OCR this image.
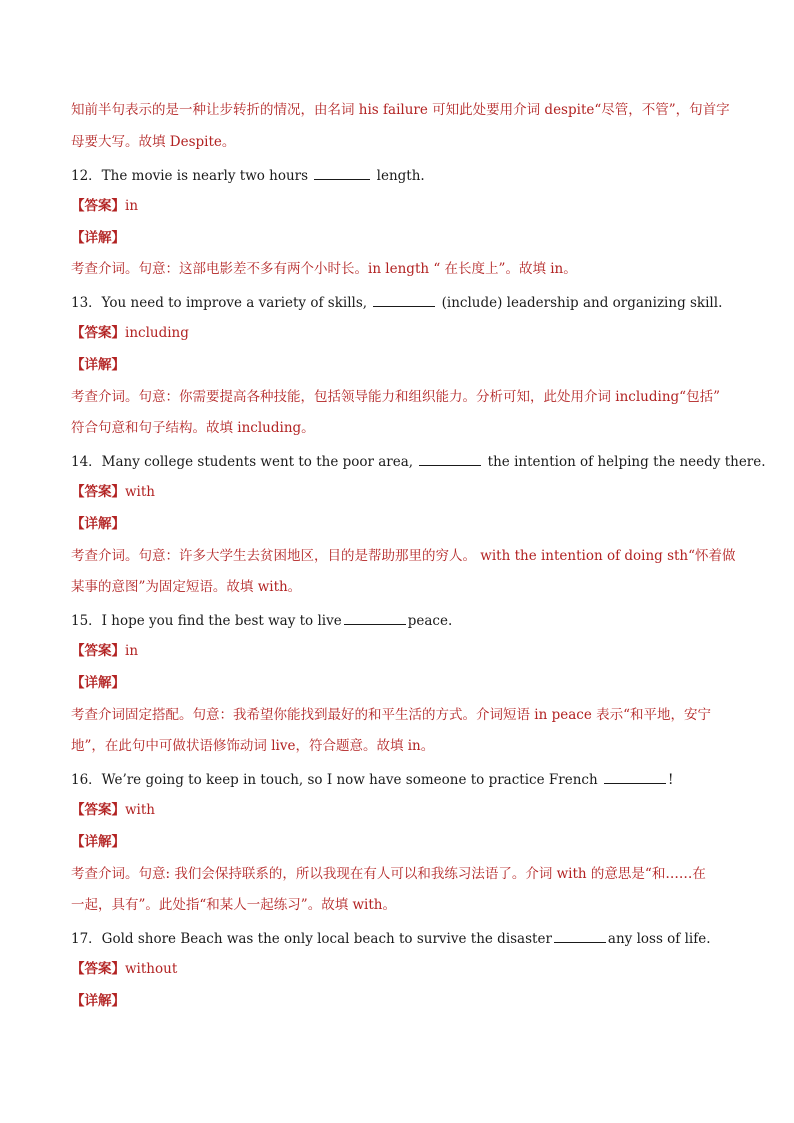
知前半句表示的是一种让步转折的情况，由名词 his failure 可知此处要用介词 despite“尽管，不管”，句首字
母要大写。故填 Despite。
12．The movie is nearly two hours	length.
【答案】in
【详解】
考查介词。句意：这部电影差不多有两个小时长。in length “ 在长度上”。故填 in。
13．You need to improve a variety of skills,	(include) leadership and organizing skill.
【答案】including
【详解】
考查介词。句意：你需要提高各种技能，包括领导能力和组织能力。分析可知，此处用介词 including“包括”
符合句意和句子结构。故填 including。
14．Many college students went to the poor area,	the intention of helping the needy there.
【答案】with
【详解】
考查介词。句意：许多大学生去贫困地区，目的是帮助那里的穷人。 with the intention of doing sth“怀着做
某事的意图”为固定短语。故填 with。
15．I hope you find the best way to live	peace.
【答案】in
【详解】
考查介词固定搭配。句意：我希望你能找到最好的和平生活的方式。介词短语 in peace 表示“和平地，安宁
地”，在此句中可做状语修饰动词 live，符合题意。故填 in。
16．We’re going to keep in touch, so I now have someone to practice French	!
【答案】with
【详解】
考查介词。句意: 我们会保持联系的，所以我现在有人可以和我练习法语了。介词 with 的意思是“和……在
一起，具有”。此处指“和某人一起练习”。故填 with。
17．Gold shore Beach was the only local beach to survive the disaster	any loss of life.
【答案】without
【详解】
